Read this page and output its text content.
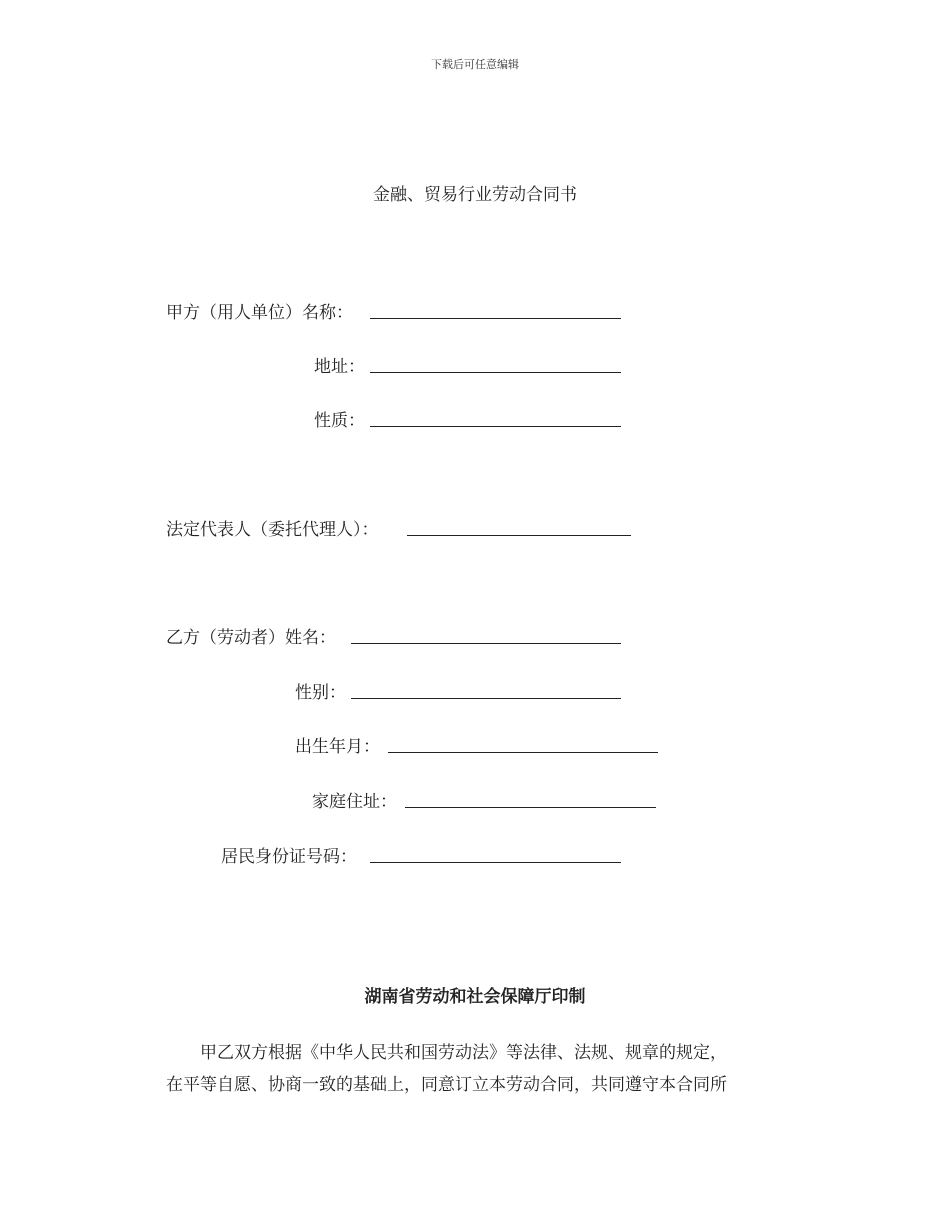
下载后可任意编辑
金融、贸易行业劳动合同书
甲方（用人单位）名称：
地址：
性质：
法定代表人（委托代理人）：
乙方（劳动者）姓名：
性别：
出生年月：
家庭住址：
居民身份证号码：
湖南省劳动和社会保障厅印制
　　甲乙双方根据《中华人民共和国劳动法》等法律、法规、规章的规定，
在平等自愿、协商一致的基础上，同意订立本劳动合同，共同遵守本合同所
